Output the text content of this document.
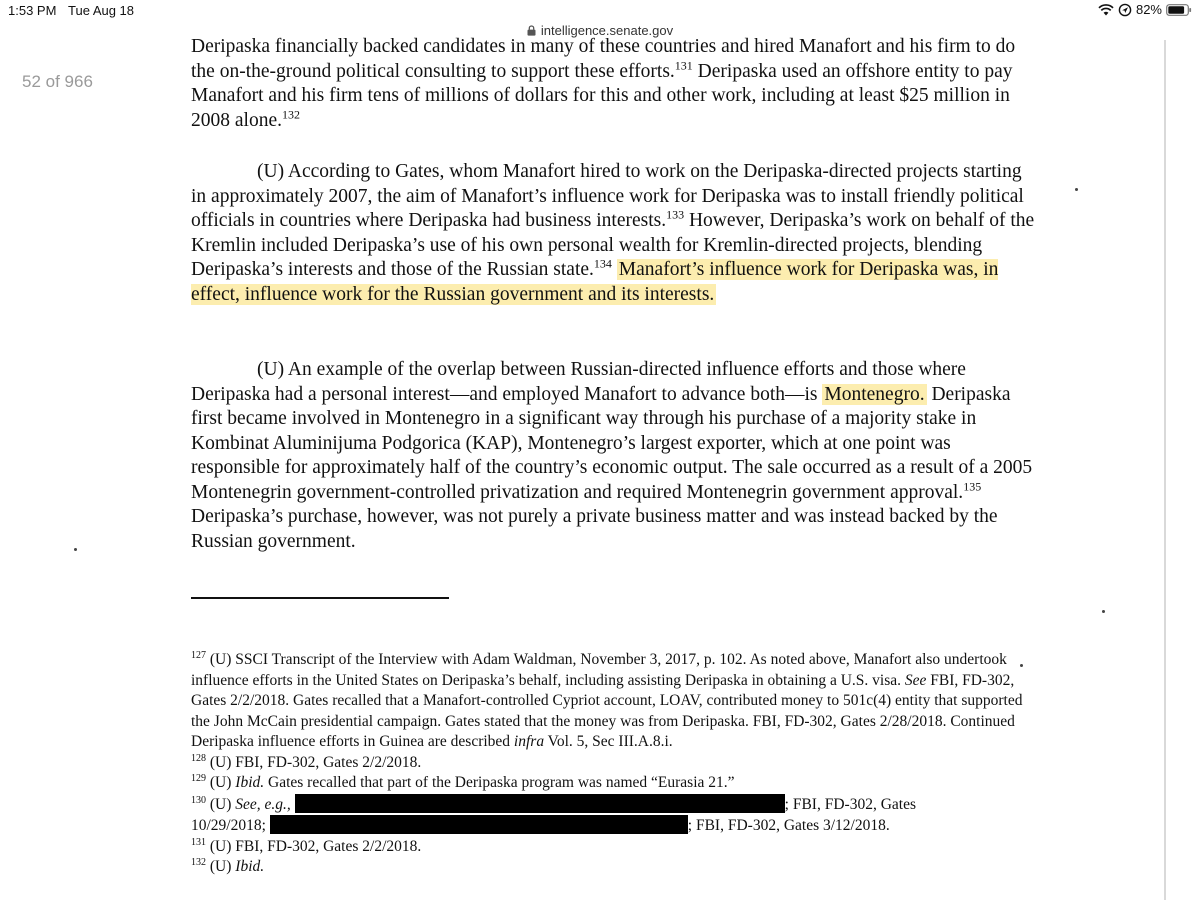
1:53 PM Tue Aug 18	82%
intelligence.senate.gov
52 of 966

Deripaska financially backed candidates in many of these countries and hired Manafort and his firm to do the on-the-ground political consulting to support these efforts.$^{131}$ Deripaska used an offshore entity to pay Manafort and his firm tens of millions of dollars for this and other work, including at least $25 million in 2008 alone.$^{132}$

(U) According to Gates, whom Manafort hired to work on the Deripaska-directed projects starting in approximately 2007, the aim of Manafort’s influence work for Deripaska was to install friendly political officials in countries where Deripaska had business interests.$^{133}$ However, Deripaska’s work on behalf of the Kremlin included Deripaska’s use of his own personal wealth for Kremlin-directed projects, blending Deripaska’s interests and those of the Russian state.$^{134}$ Manafort’s influence work for Deripaska was, in effect, influence work for the Russian government and its interests.

(U) An example of the overlap between Russian-directed influence efforts and those where Deripaska had a personal interest—and employed Manafort to advance both—is Montenegro. Deripaska first became involved in Montenegro in a significant way through his purchase of a majority stake in Kombinat Aluminijuma Podgorica (KAP), Montenegro’s largest exporter, which at one point was responsible for approximately half of the country’s economic output. The sale occurred as a result of a 2005 Montenegrin government-controlled privatization and required Montenegrin government approval.$^{135}$ Deripaska’s purchase, however, was not purely a private business matter and was instead backed by the Russian government.

$^{127}$ (U) SSCI Transcript of the Interview with Adam Waldman, November 3, 2017, p. 102. As noted above, Manafort also undertook influence efforts in the United States on Deripaska’s behalf, including assisting Deripaska in obtaining a U.S. visa. See FBI, FD-302, Gates 2/2/2018. Gates recalled that a Manafort-controlled Cypriot account, LOAV, contributed money to 501c(4) entity that supported the John McCain presidential campaign. Gates stated that the money was from Deripaska. FBI, FD-302, Gates 2/28/2018. Continued Deripaska influence efforts in Guinea are described infra Vol. 5, Sec III.A.8.i.

$^{128}$ (U) FBI, FD-302, Gates 2/2/2018.

$^{129}$ (U) Ibid. Gates recalled that part of the Deripaska program was named “Eurasia 21.”

$^{130}$ (U) See, e.g.,	; FBI, FD-302, Gates
10/29/2018;	; FBI, FD-302, Gates 3/12/2018.

$^{131}$ (U) FBI, FD-302, Gates 2/2/2018.

$^{132}$ (U) Ibid.
